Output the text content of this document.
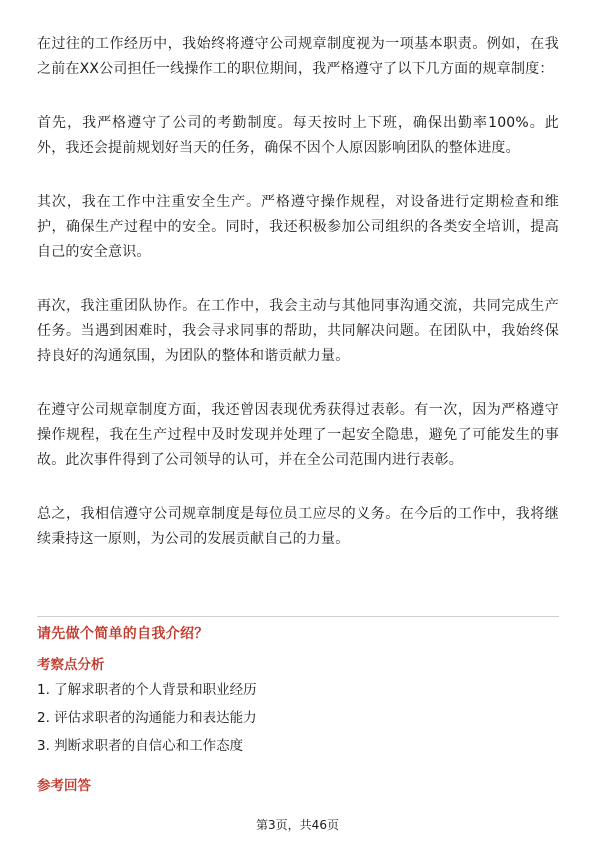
在过往的工作经历中，我始终将遵守公司规章制度视为一项基本职责。例如，在我之前在XX公司担任一线操作工的职位期间，我严格遵守了以下几方面的规章制度：

首先，我严格遵守了公司的考勤制度。每天按时上下班，确保出勤率100%。此外，我还会提前规划好当天的任务，确保不因个人原因影响团队的整体进度。

其次，我在工作中注重安全生产。严格遵守操作规程，对设备进行定期检查和维护，确保生产过程中的安全。同时，我还积极参加公司组织的各类安全培训，提高自己的安全意识。

再次，我注重团队协作。在工作中，我会主动与其他同事沟通交流，共同完成生产任务。当遇到困难时，我会寻求同事的帮助，共同解决问题。在团队中，我始终保持良好的沟通氛围，为团队的整体和谐贡献力量。

在遵守公司规章制度方面，我还曾因表现优秀获得过表彰。有一次，因为严格遵守操作规程，我在生产过程中及时发现并处理了一起安全隐患，避免了可能发生的事故。此次事件得到了公司领导的认可，并在全公司范围内进行表彰。

总之，我相信遵守公司规章制度是每位员工应尽的义务。在今后的工作中，我将继续秉持这一原则，为公司的发展贡献自己的力量。

请先做个简单的自我介绍？
考察点分析
1. 了解求职者的个人背景和职业经历
2. 评估求职者的沟通能力和表达能力
3. 判断求职者的自信心和工作态度
参考回答
第3页，共46页
